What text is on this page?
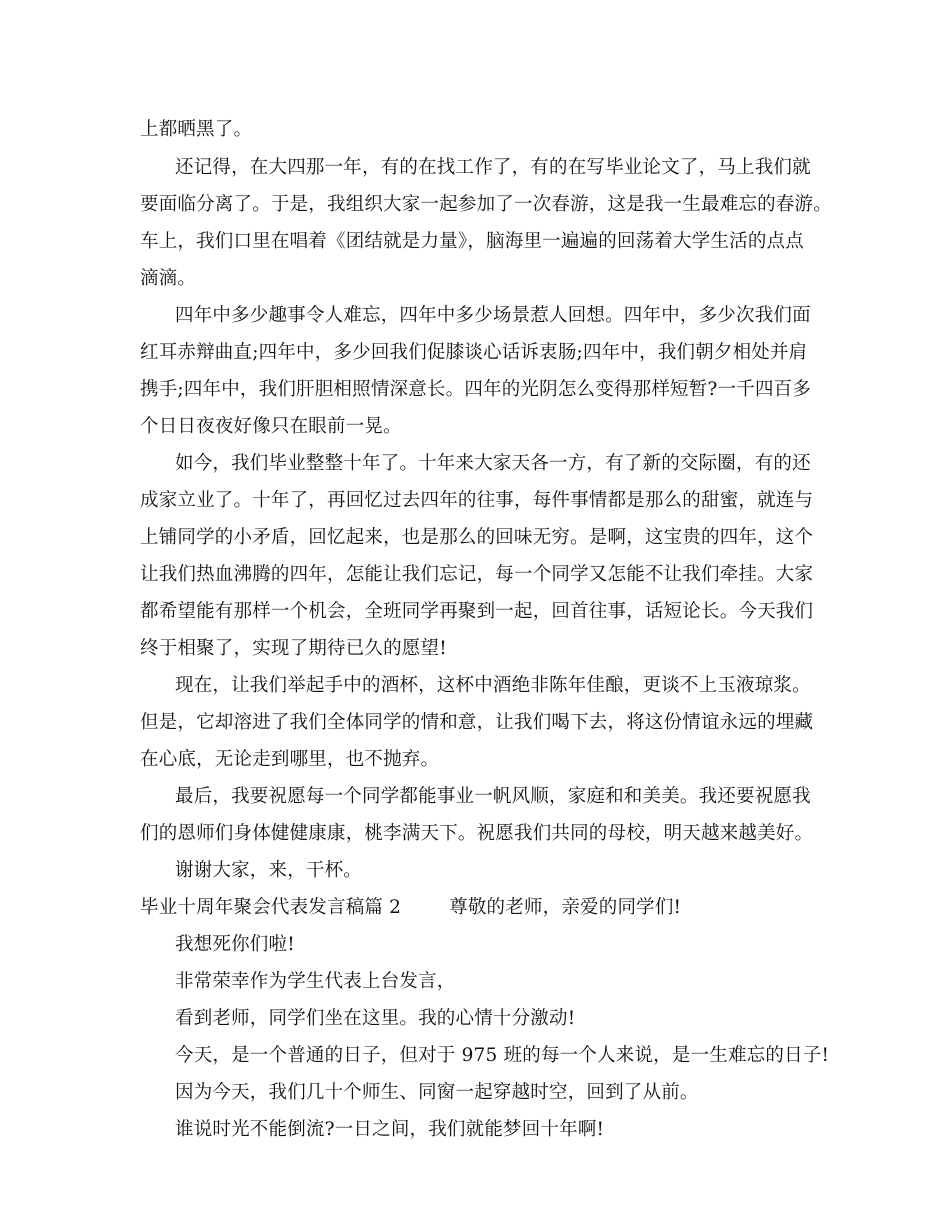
上都晒黑了。
还记得，在大四那一年，有的在找工作了，有的在写毕业论文了，马上我们就
要面临分离了。于是，我组织大家一起参加了一次春游，这是我一生最难忘的春游。
车上，我们口里在唱着《团结就是力量》，脑海里一遍遍的回荡着大学生活的点点
滴滴。
四年中多少趣事令人难忘，四年中多少场景惹人回想。四年中，多少次我们面
红耳赤辩曲直;四年中，多少回我们促膝谈心话诉衷肠;四年中，我们朝夕相处并肩
携手;四年中，我们肝胆相照情深意长。四年的光阴怎么变得那样短暂?一千四百多
个日日夜夜好像只在眼前一晃。
如今，我们毕业整整十年了。十年来大家天各一方，有了新的交际圈，有的还
成家立业了。十年了，再回忆过去四年的往事，每件事情都是那么的甜蜜，就连与
上铺同学的小矛盾，回忆起来，也是那么的回味无穷。是啊，这宝贵的四年，这个
让我们热血沸腾的四年，怎能让我们忘记，每一个同学又怎能不让我们牵挂。大家
都希望能有那样一个机会，全班同学再聚到一起，回首往事，话短论长。今天我们
终于相聚了，实现了期待已久的愿望!
现在，让我们举起手中的酒杯，这杯中酒绝非陈年佳酿，更谈不上玉液琼浆。
但是，它却溶进了我们全体同学的情和意，让我们喝下去，将这份情谊永远的埋藏
在心底，无论走到哪里，也不抛弃。
最后，我要祝愿每一个同学都能事业一帆风顺，家庭和和美美。我还要祝愿我
们的恩师们身体健健康康，桃李满天下。祝愿我们共同的母校，明天越来越美好。
谢谢大家，来，干杯。
毕业十周年聚会代表发言稿篇 2	尊敬的老师，亲爱的同学们!
我想死你们啦!
非常荣幸作为学生代表上台发言，
看到老师，同学们坐在这里。我的心情十分激动!
今天，是一个普通的日子，但对于 975 班的每一个人来说，是一生难忘的日子!
因为今天，我们几十个师生、同窗一起穿越时空，回到了从前。
谁说时光不能倒流?一日之间，我们就能梦回十年啊!
